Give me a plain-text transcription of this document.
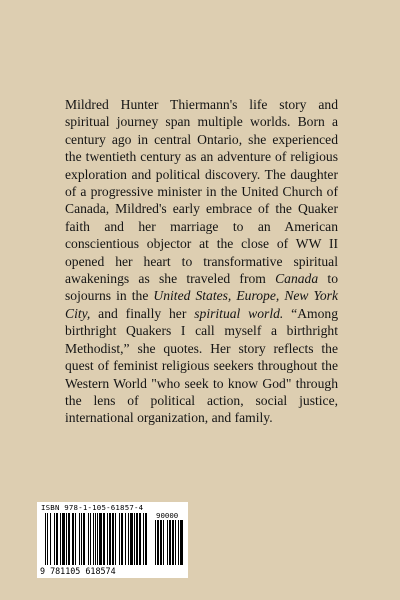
Mildred Hunter Thiermann's life story and spiritual journey span multiple worlds. Born a century ago in central Ontario, she experienced the twentieth century as an adventure of religious exploration and political discovery. The daughter of a progressive minister in the United Church of Canada, Mildred's early embrace of the Quaker faith and her marriage to an American conscientious objector at the close of WW II opened her heart to transformative spiritual awakenings as she traveled from Canada to sojourns in the United States, Europe, New York City, and finally her spiritual world. “Among birthright Quakers I call myself a birthright Methodist,” she quotes. Her story reflects the quest of feminist religious seekers throughout the Western World "who seek to know God" through the lens of political action, social justice, international organization, and family.

ISBN 978-1-105-61857-4
90000
9 781105 618574
